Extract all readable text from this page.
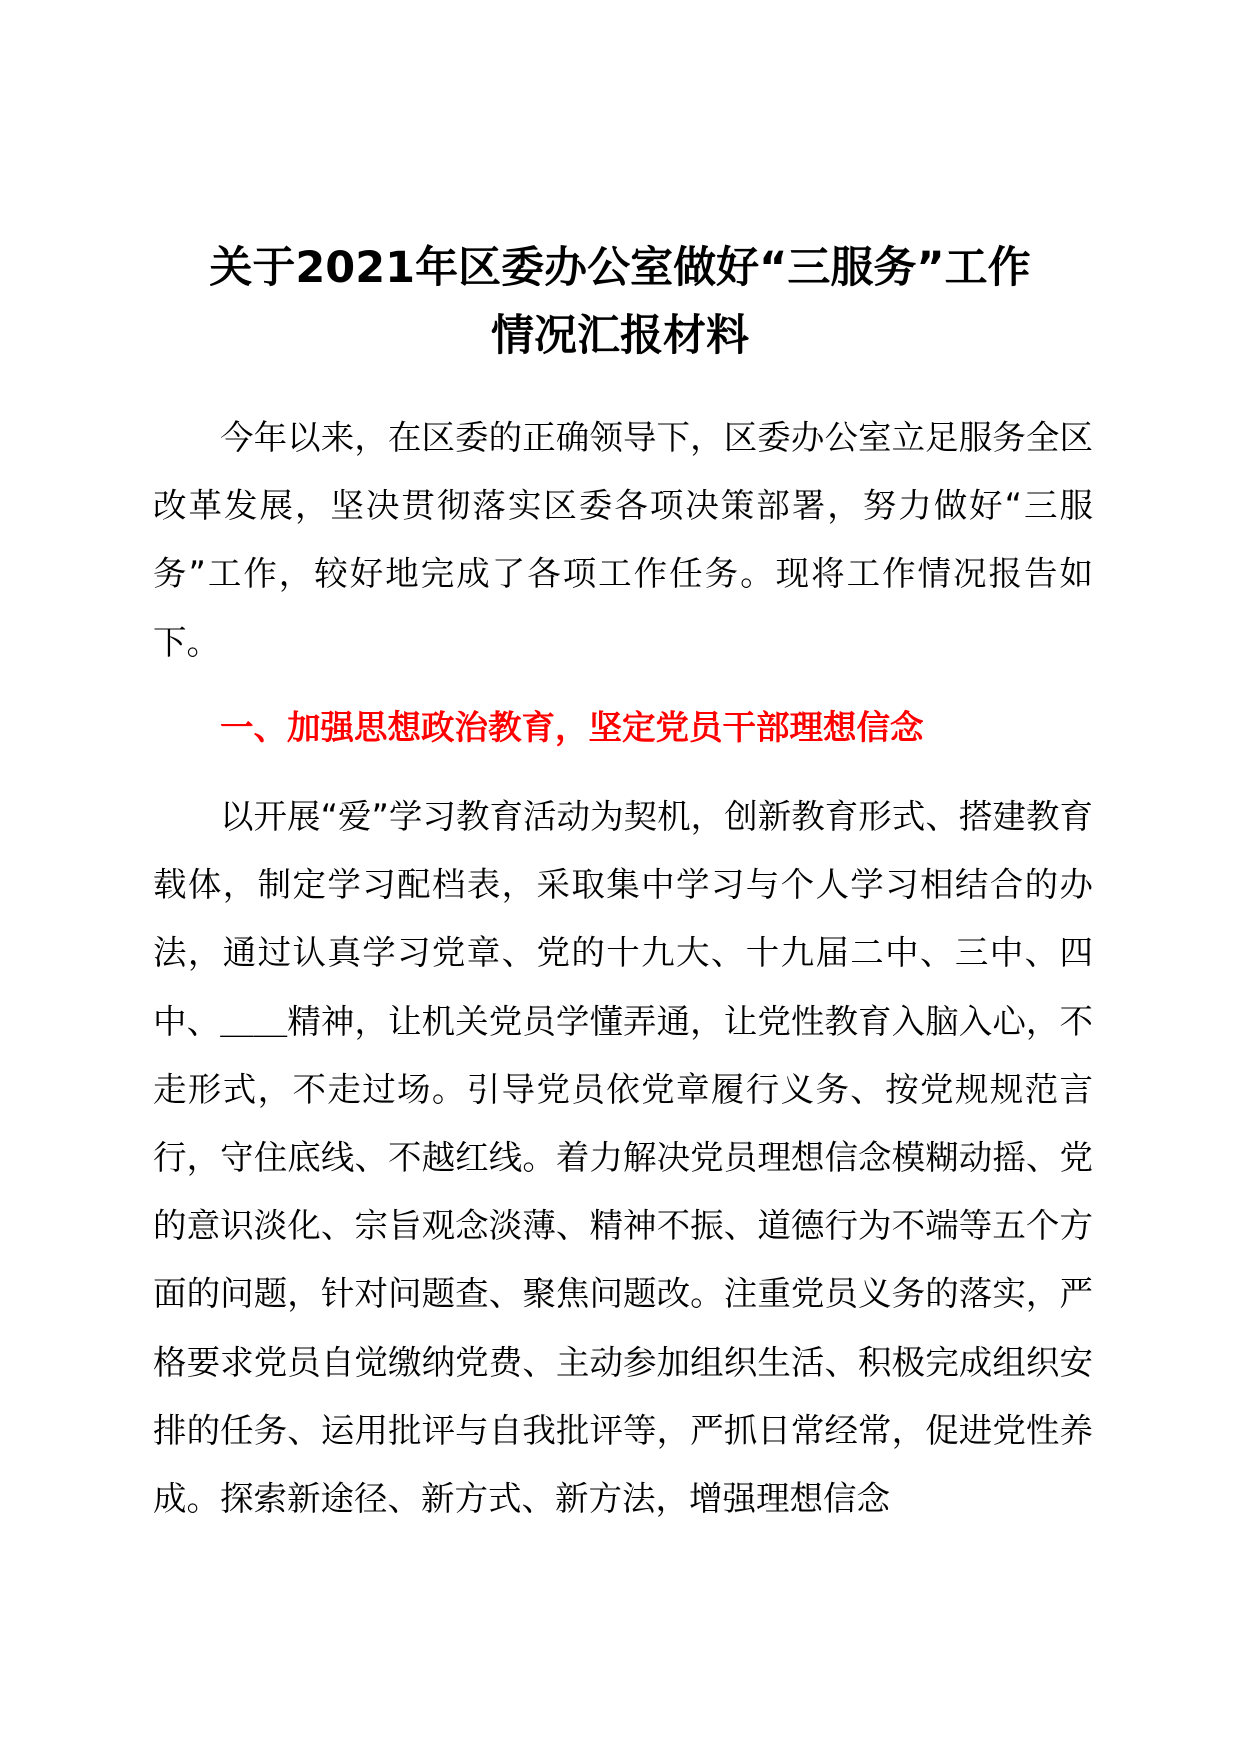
关于2021年区委办公室做好“三服务”工作
情况汇报材料

今年以来，在区委的正确领导下，区委办公室立足服务全区改革发展，坚决贯彻落实区委各项决策部署，努力做好“三服务”工作，较好地完成了各项工作任务。现将工作情况报告如下。

一、加强思想政治教育，坚定党员干部理想信念

以开展“爱”学习教育活动为契机，创新教育形式、搭建教育载体，制定学习配档表，采取集中学习与个人学习相结合的办法，通过认真学习党章、党的十九大、十九届二中、三中、四中、＿＿精神，让机关党员学懂弄通，让党性教育入脑入心，不走形式，不走过场。引导党员依党章履行义务、按党规规范言行，守住底线、不越红线。着力解决党员理想信念模糊动摇、党的意识淡化、宗旨观念淡薄、精神不振、道德行为不端等五个方面的问题，针对问题查、聚焦问题改。注重党员义务的落实，严格要求党员自觉缴纳党费、主动参加组织生活、积极完成组织安排的任务、运用批评与自我批评等，严抓日常经常，促进党性养成。探索新途径、新方式、新方法，增强理想信念
